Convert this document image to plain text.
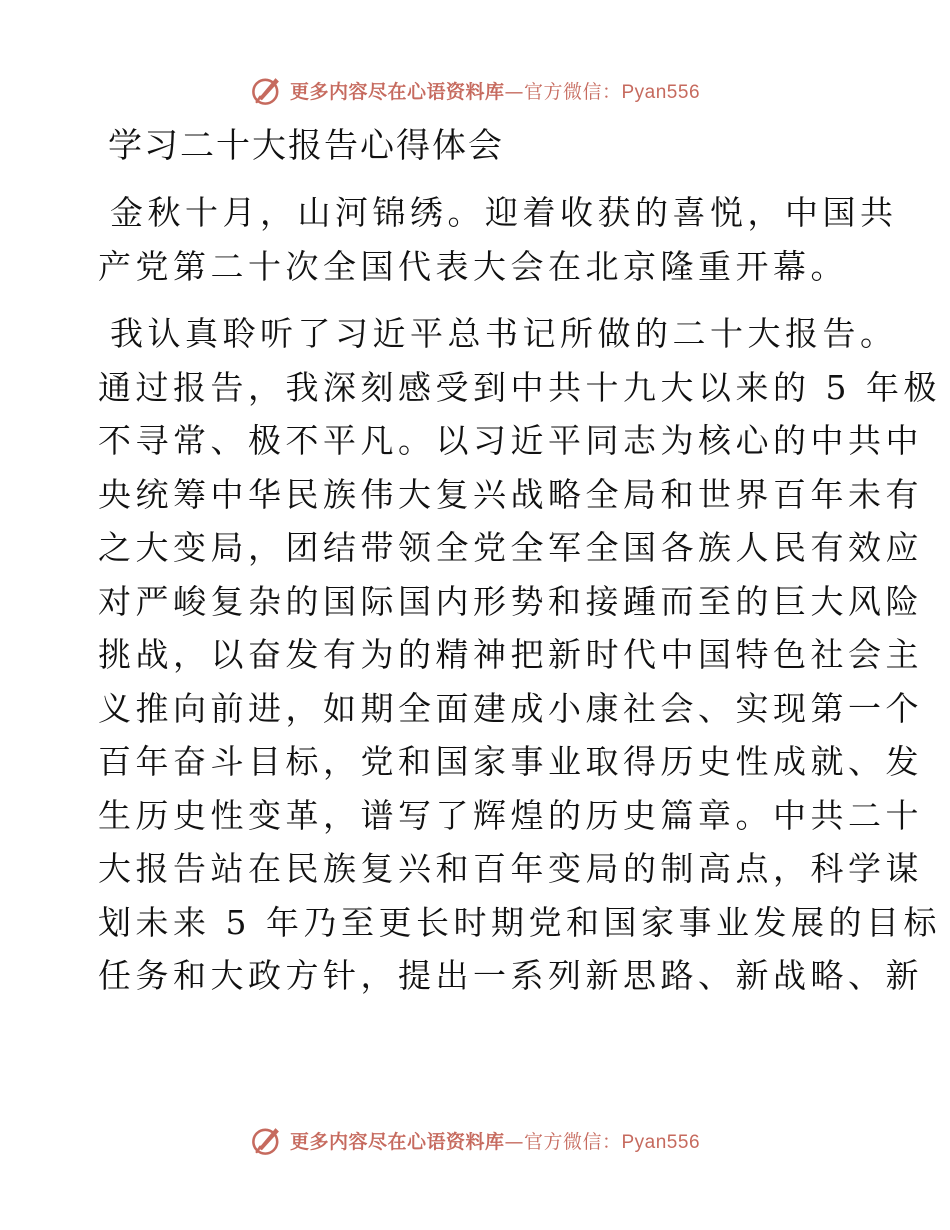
更多内容尽在心语资料库—官方微信：Pyan556
学习二十大报告心得体会

金秋十月，山河锦绣。迎着收获的喜悦，中国共
产党第二十次全国代表大会在北京隆重开幕。

我认真聆听了习近平总书记所做的二十大报告。
通过报告，我深刻感受到中共十九大以来的 5 年极
不寻常、极不平凡。以习近平同志为核心的中共中
央统筹中华民族伟大复兴战略全局和世界百年未有
之大变局，团结带领全党全军全国各族人民有效应
对严峻复杂的国际国内形势和接踵而至的巨大风险
挑战，以奋发有为的精神把新时代中国特色社会主
义推向前进，如期全面建成小康社会、实现第一个
百年奋斗目标，党和国家事业取得历史性成就、发
生历史性变革，谱写了辉煌的历史篇章。中共二十
大报告站在民族复兴和百年变局的制高点，科学谋
划未来 5 年乃至更长时期党和国家事业发展的目标
任务和大政方针，提出一系列新思路、新战略、新

更多内容尽在心语资料库—官方微信：Pyan556
